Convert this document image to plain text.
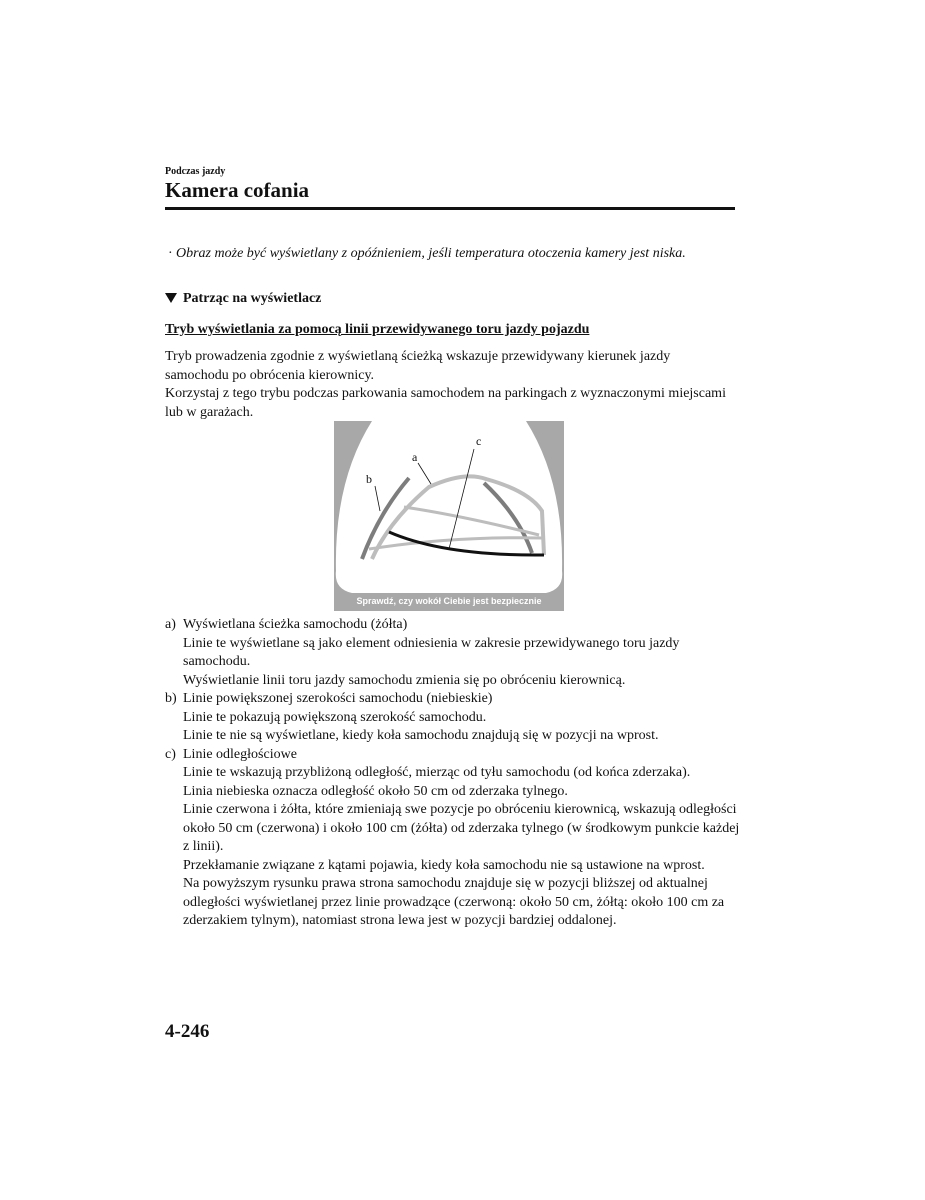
Podczas jazdy
Kamera cofania
· Obraz może być wyświetlany z opóźnieniem, jeśli temperatura otoczenia kamery jest niska.
Patrząc na wyświetlacz
Tryb wyświetlania za pomocą linii przewidywanego toru jazdy pojazdu
Tryb prowadzenia zgodnie z wyświetlaną ścieżką wskazuje przewidywany kierunek jazdy samochodu po obrócenia kierownicy.
Korzystaj z tego trybu podczas parkowania samochodem na parkingach z wyznaczonymi miejscami lub w garażach.
c
a
b
Sprawdź, czy wokół Ciebie jest bezpiecznie
a) Wyświetlana ścieżka samochodu (żółta)
Linie te wyświetlane są jako element odniesienia w zakresie przewidywanego toru jazdy samochodu.
Wyświetlanie linii toru jazdy samochodu zmienia się po obróceniu kierownicą.
b) Linie powiększonej szerokości samochodu (niebieskie)
Linie te pokazują powiększoną szerokość samochodu.
Linie te nie są wyświetlane, kiedy koła samochodu znajdują się w pozycji na wprost.
c) Linie odległościowe
Linie te wskazują przybliżoną odległość, mierząc od tyłu samochodu (od końca zderzaka).
Linia niebieska oznacza odległość około 50 cm od zderzaka tylnego.
Linie czerwona i żółta, które zmieniają swe pozycje po obróceniu kierownicą, wskazują odległości około 50 cm (czerwona) i około 100 cm (żółta) od zderzaka tylnego (w środkowym punkcie każdej z linii).
Przekłamanie związane z kątami pojawia, kiedy koła samochodu nie są ustawione na wprost.
Na powyższym rysunku prawa strona samochodu znajduje się w pozycji bliższej od aktualnej odległości wyświetlanej przez linie prowadzące (czerwoną: około 50 cm, żółtą: około 100 cm za zderzakiem tylnym), natomiast strona lewa jest w pozycji bardziej oddalonej.
4-246
